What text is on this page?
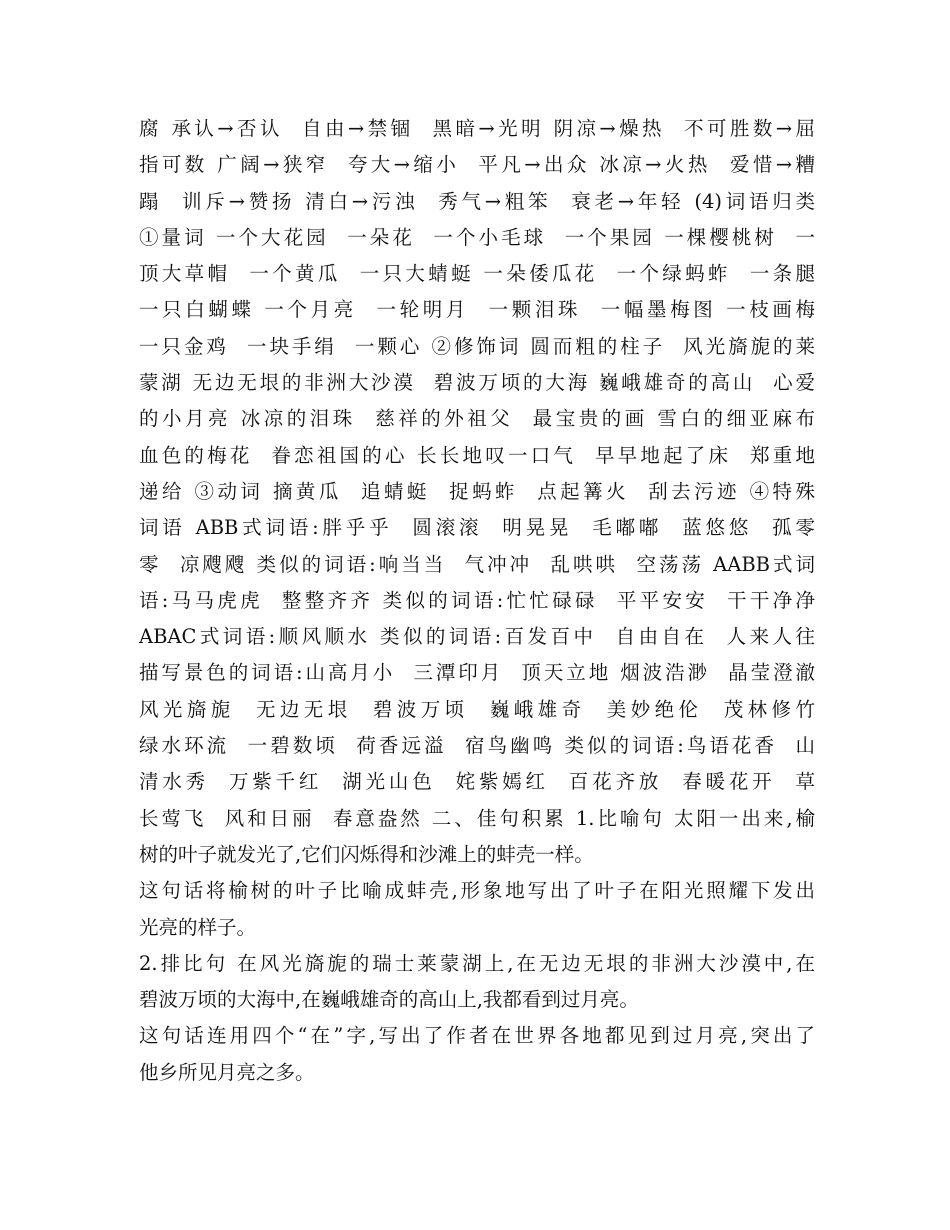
腐 承认→否认  自由→禁锢  黑暗→光明 阴凉→燥热  不可胜数→屈
指可数 广阔→狭窄  夸大→缩小  平凡→出众 冰凉→火热  爱惜→糟
蹋  训斥→赞扬 清白→污浊  秀气→粗笨  衰老→年轻 (4)词语归类
①量词 一个大花园  一朵花  一个小毛球  一个果园 一棵樱桃树  一
顶大草帽  一个黄瓜  一只大蜻蜓 一朵倭瓜花  一个绿蚂蚱  一条腿
一只白蝴蝶 一个月亮  一轮明月  一颗泪珠  一幅墨梅图 一枝画梅
一只金鸡  一块手绢  一颗心 ②修饰词 圆而粗的柱子  风光旖旎的莱
蒙湖 无边无垠的非洲大沙漠  碧波万顷的大海 巍峨雄奇的高山  心爱
的小月亮 冰凉的泪珠  慈祥的外祖父  最宝贵的画 雪白的细亚麻布
血色的梅花  眷恋祖国的心 长长地叹一口气  早早地起了床  郑重地
递给 ③动词 摘黄瓜  追蜻蜓  捉蚂蚱  点起篝火  刮去污迹 ④特殊
词语 ABB式词语:胖乎乎  圆滚滚  明晃晃  毛嘟嘟  蓝悠悠  孤零
零  凉飕飕 类似的词语:响当当  气冲冲  乱哄哄  空荡荡 AABB式词
语:马马虎虎  整整齐齐 类似的词语:忙忙碌碌  平平安安  干干净净
ABAC式词语:顺风顺水 类似的词语:百发百中  自由自在  人来人往
描写景色的词语:山高月小  三潭印月  顶天立地 烟波浩渺  晶莹澄澈
风光旖旎  无边无垠  碧波万顷  巍峨雄奇  美妙绝伦  茂林修竹
绿水环流  一碧数顷  荷香远溢  宿鸟幽鸣 类似的词语:鸟语花香  山
清水秀  万紫千红  湖光山色  姹紫嫣红  百花齐放  春暖花开  草
长莺飞  风和日丽  春意盎然 二、佳句积累 1.比喻句 太阳一出来,榆
树的叶子就发光了,它们闪烁得和沙滩上的蚌壳一样。
这句话将榆树的叶子比喻成蚌壳,形象地写出了叶子在阳光照耀下发出
光亮的样子。
2.排比句 在风光旖旎的瑞士莱蒙湖上,在无边无垠的非洲大沙漠中,在
碧波万顷的大海中,在巍峨雄奇的高山上,我都看到过月亮。
这句话连用四个“在”字,写出了作者在世界各地都见到过月亮,突出了
他乡所见月亮之多。
